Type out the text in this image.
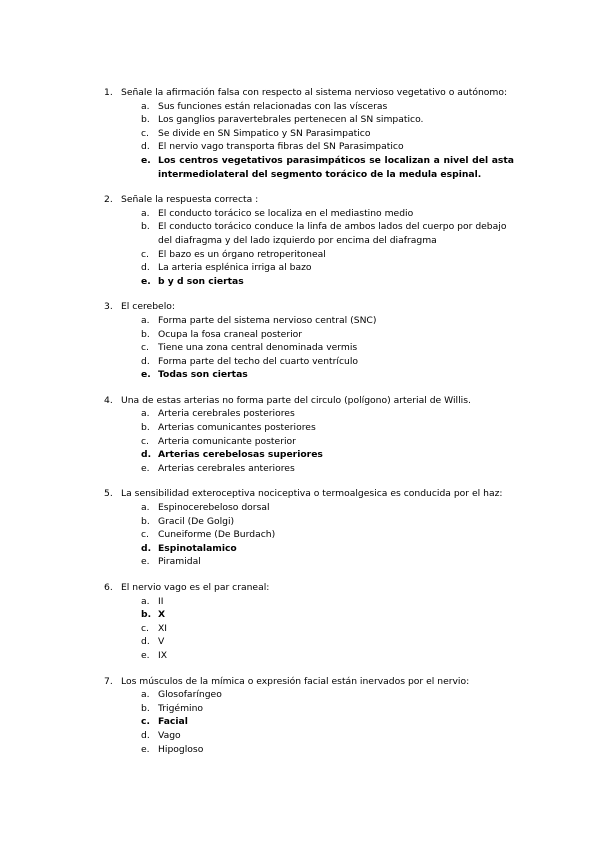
1. Señale la afirmación falsa con respecto al sistema nervioso vegetativo o autónomo:
a. Sus funciones están relacionadas con las vísceras
b. Los ganglios paravertebrales pertenecen al SN simpatico.
c. Se divide en SN Simpatico y SN Parasimpatico
d. El nervio vago transporta fibras del SN Parasimpatico
e. Los centros vegetativos parasimpáticos se localizan a nivel del asta intermediolateral del segmento torácico de la medula espinal.
2. Señale la respuesta correcta :
a. El conducto torácico se localiza en el mediastino medio
b. El conducto torácico conduce la linfa de ambos lados del cuerpo por debajo del diafragma y del lado izquierdo por encima del diafragma
c. El bazo es un órgano retroperitoneal
d. La arteria esplénica irriga al bazo
e. b y d son ciertas
3. El cerebelo:
a. Forma parte del sistema nervioso central (SNC)
b. Ocupa la fosa craneal posterior
c. Tiene una zona central denominada vermis
d. Forma parte del techo del cuarto ventrículo
e. Todas son ciertas
4. Una de estas arterias no forma parte del circulo (polígono) arterial de Willis.
a. Arteria cerebrales posteriores
b. Arterias comunicantes posteriores
c. Arteria comunicante posterior
d. Arterias cerebelosas superiores
e. Arterias cerebrales anteriores
5. La sensibilidad exteroceptiva nociceptiva o termoalgesica es conducida por el haz:
a. Espinocerebeloso dorsal
b. Gracil (De Golgi)
c. Cuneiforme (De Burdach)
d. Espinotalamico
e. Piramidal
6. El nervio vago es el par craneal:
a. II
b. X
c. XI
d. V
e. IX
7. Los músculos de la mímica o expresión facial están inervados por el nervio:
a. Glosofaríngeo
b. Trigémino
c. Facial
d. Vago
e. Hipogloso
